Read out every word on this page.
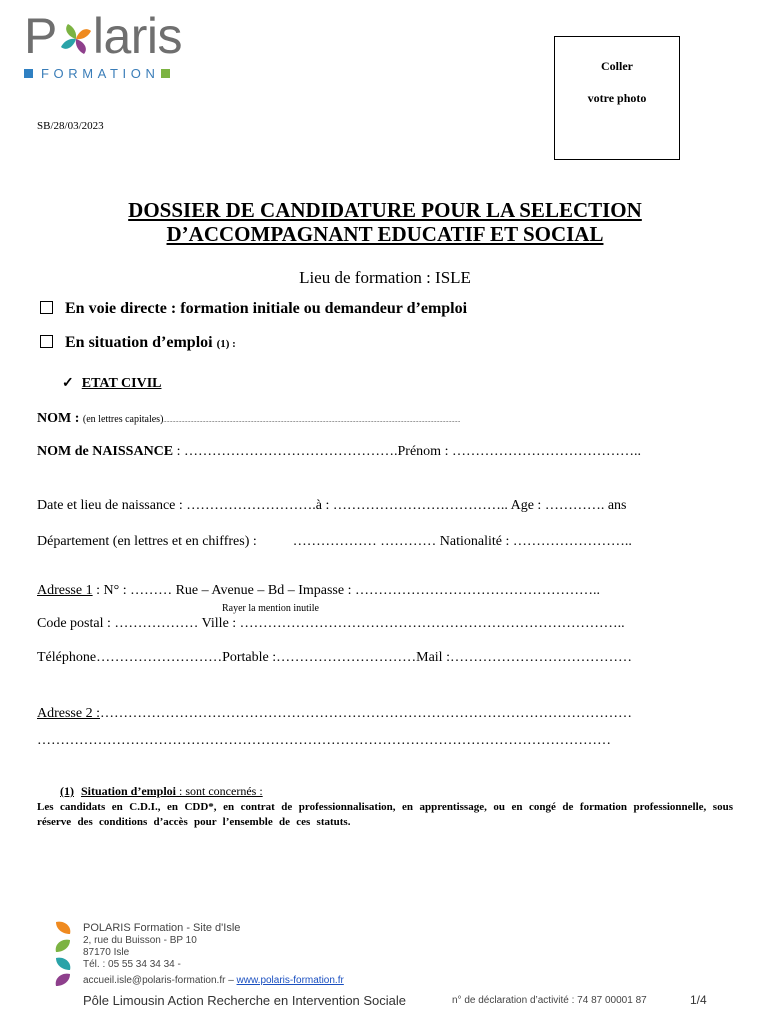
P laris
FORMATION	Coller
votre photo
SB/28/03/2023
DOSSIER DE CANDIDATURE POUR LA SELECTION
D’ACCOMPAGNANT EDUCATIF ET SOCIAL
Lieu de formation : ISLE
En voie directe : formation initiale ou demandeur d’emploi
En situation d’emploi (1) :
✓ ETAT CIVIL
NOM : (en lettres capitales)......................................................................................................................................................................................................
NOM de NAISSANCE : ……………………………………….Prénom : …………………………………..
Date et lieu de naissance : ……………………….à : ……………………………….. Age : …………. ans
Département (en lettres et en chiffres) :	……………… ………… Nationalité : ……………………..
Adresse 1 : N° : ……… Rue – Avenue – Bd – Impasse : ……………………………………………..
Rayer la mention inutile
Code postal : ……………… Ville : ………………………………………………………………………..
Téléphone………………………Portable :…………………………Mail :…………………………………
Adresse 2 :……………………………………………………………………………………………………
……………………………………………………………………………………………………………
(1) Situation d’emploi : sont concernés :
Les candidats en C.D.I., en CDD*, en contrat de professionnalisation, en apprentissage, ou en congé de formation professionnelle, sous réserve des conditions d’accès pour l’ensemble de ces statuts.
POLARIS Formation - Site d'Isle
2, rue du Buisson - BP 10
87170 Isle
Tél. : 05 55 34 34 34 -
accueil.isle@polaris-formation.fr – www.polaris-formation.fr
Pôle Limousin Action Recherche en Intervention Sociale	n° de déclaration d’activité : 74 87 00001 87	1/4
